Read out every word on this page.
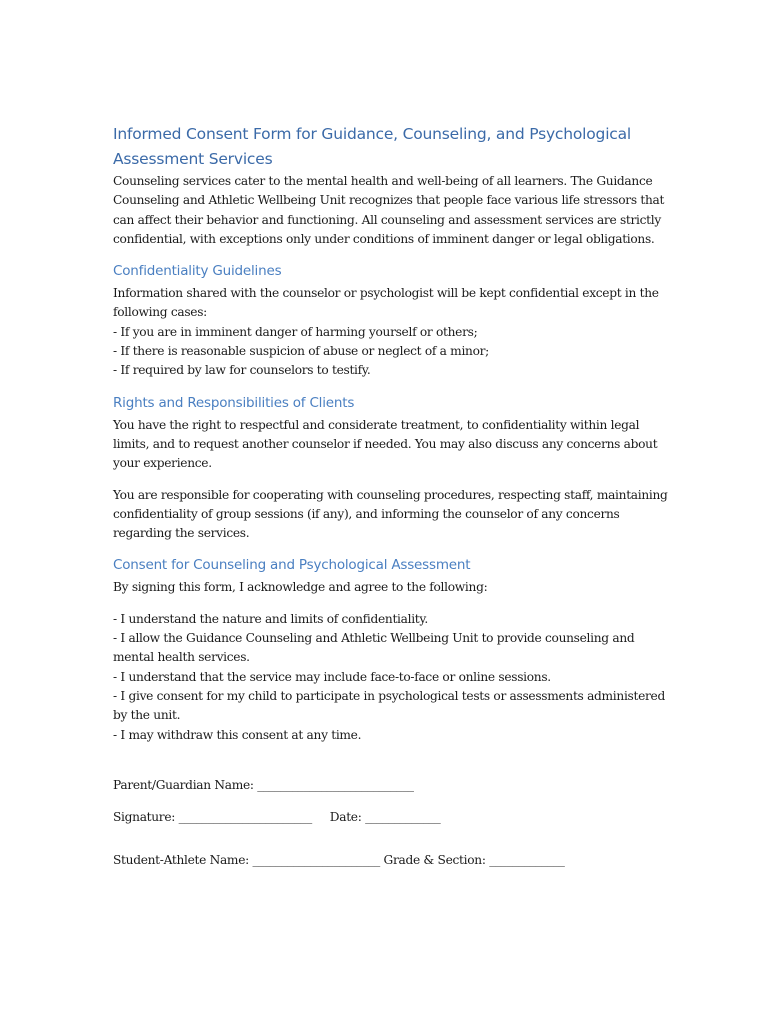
Informed Consent Form for Guidance, Counseling, and Psychological Assessment Services

Counseling services cater to the mental health and well-being of all learners. The Guidance Counseling and Athletic Wellbeing Unit recognizes that people face various life stressors that can affect their behavior and functioning. All counseling and assessment services are strictly confidential, with exceptions only under conditions of imminent danger or legal obligations.

Confidentiality Guidelines

Information shared with the counselor or psychologist will be kept confidential except in the following cases:

- If you are in imminent danger of harming yourself or others;
- If there is reasonable suspicion of abuse or neglect of a minor;
- If required by law for counselors to testify.
Rights and Responsibilities of Clients

You have the right to respectful and considerate treatment, to confidentiality within legal limits, and to request another counselor if needed. You may also discuss any concerns about your experience.

You are responsible for cooperating with counseling procedures, respecting staff, maintaining confidentiality of group sessions (if any), and informing the counselor of any concerns regarding the services.

Consent for Counseling and Psychological Assessment

By signing this form, I acknowledge and agree to the following:

- I understand the nature and limits of confidentiality.
- I allow the Guidance Counseling and Athletic Wellbeing Unit to provide counseling and mental health services.
- I understand that the service may include face-to-face or online sessions.
- I give consent for my child to participate in psychological tests or assessments administered by the unit.
- I may withdraw this consent at any time.
Parent/Guardian Name: ___________________________
Signature: _______________________     Date: _____________
Student-Athlete Name: ______________________ Grade & Section: _____________
